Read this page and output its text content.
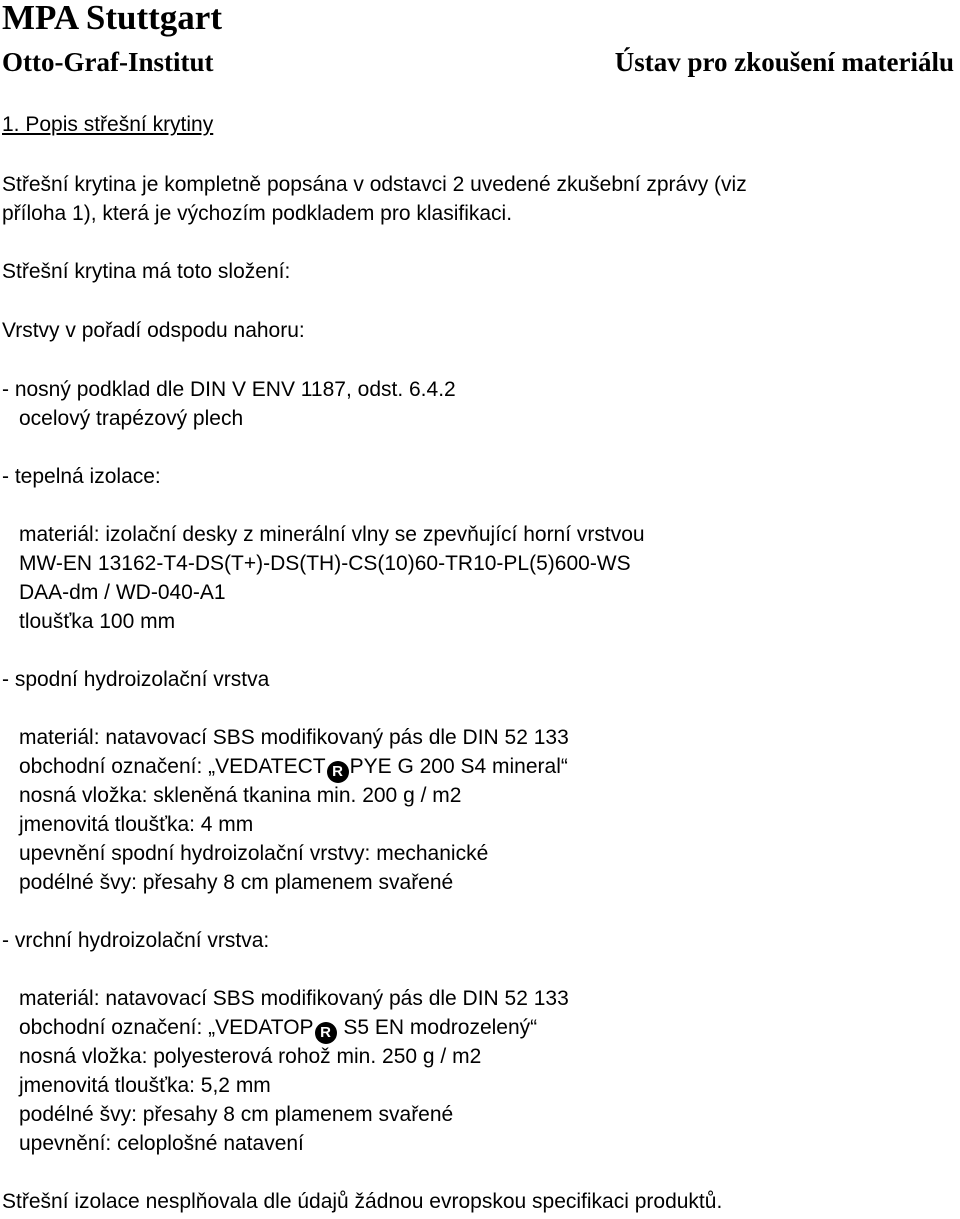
MPA Stuttgart
Otto-Graf-Institut	Ústav pro zkoušení materiálu
1. Popis střešní krytiny
Střešní krytina je kompletně popsána v odstavci 2 uvedené zkušební zprávy (viz
příloha 1), která je výchozím podkladem pro klasifikaci.
Střešní krytina má toto složení:
Vrstvy v pořadí odspodu nahoru:
- nosný podklad dle DIN V ENV 1187, odst. 6.4.2
ocelový trapézový plech
- tepelná izolace:
materiál: izolační desky z minerální vlny se zpevňující horní vrstvou
MW-EN 13162-T4-DS(T+)-DS(TH)-CS(10)60-TR10-PL(5)600-WS
DAA-dm / WD-040-A1
tloušťka 100 mm
- spodní hydroizolační vrstva
materiál: natavovací SBS modifikovaný pás dle DIN 52 133
obchodní označení: „VEDATECT R PYE G 200 S4 mineral“
nosná vložka: skleněná tkanina min. 200 g / m2
jmenovitá tloušťka: 4 mm
upevnění spodní hydroizolační vrstvy: mechanické
podélné švy: přesahy 8 cm plamenem svařené
- vrchní hydroizolační vrstva:
materiál: natavovací SBS modifikovaný pás dle DIN 52 133
obchodní označení: „VEDATOP R S5 EN modrozelený“
nosná vložka: polyesterová rohož min. 250 g / m2
jmenovitá tloušťka: 5,2 mm
podélné švy: přesahy 8 cm plamenem svařené
upevnění: celoplošné natavení
Střešní izolace nesplňovala dle údajů žádnou evropskou specifikaci produktů.
